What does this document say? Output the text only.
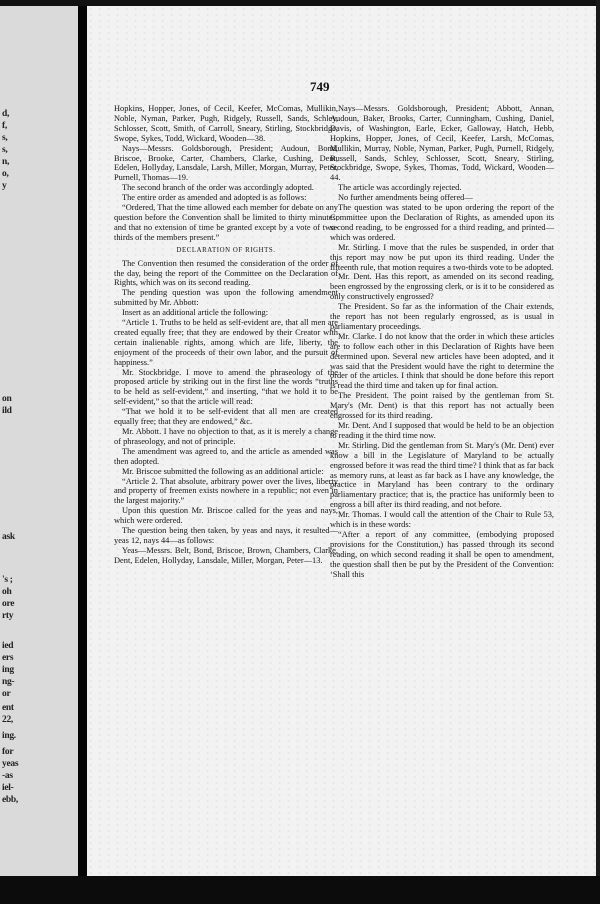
d,
f,
s,
s,
n,
o,
y
on
ild
ask
's ;
oh
ore
rty
ied
ers
ing
ng-
or
ent
22,
ing.
for
yeas
-as
iel-
ebb,
749

Hopkins, Hopper, Jones, of Cecil, Keefer, McComas, Mullikin, Noble, Nyman, Parker, Pugh, Ridgely, Russell, Sands, Schley, Schlosser, Scott, Smith, of Carroll, Sneary, Stirling, Stockbridge, Swope, Sykes, Todd, Wickard, Wooden—38.

Nays—Messrs. Goldsborough, President; Audoun, Bond, Briscoe, Brooke, Carter, Chambers, Clarke, Cushing, Dent, Edelen, Hollyday, Lansdale, Larsh, Miller, Morgan, Murray, Peter, Purnell, Thomas—19.

The second branch of the order was accordingly adopted.

The entire order as amended and adopted is as follows:

“Ordered, That the time allowed each member for debate on any question before the Convention shall be limited to thirty minutes; and that no extension of time be granted except by a vote of two-thirds of the members present.”

DECLARATION OF RIGHTS.

The Convention then resumed the consideration of the order of the day, being the report of the Committee on the Declaration of Rights, which was on its second reading.

The pending question was upon the following amendment submitted by Mr. Abbott:

Insert as an additional article the following:

“Article 1. Truths to be held as self-evident are, that all men are created equally free; that they are endowed by their Creator with certain inalienable rights, among which are life, liberty, the enjoyment of the proceeds of their own labor, and the pursuit of happiness.”

Mr. Stockbridge. I move to amend the phraseology of the proposed article by striking out in the first line the words “truths to be held as self-evident,” and inserting, “that we hold it to be self-evident,” so that the article will read:

“That we hold it to be self-evident that all men are created equally free; that they are endowed,” &c.

Mr. Abbott. I have no objection to that, as it is merely a change of phraseology, and not of principle.

The amendment was agreed to, and the article as amended was then adopted.

Mr. Briscoe submitted the following as an additional article:

“Article 2. That absolute, arbitrary power over the lives, liberty and property of freemen exists nowhere in a republic; not even in the largest majority.”

Upon this question Mr. Briscoe called for the yeas and nays, which were ordered.

The question being then taken, by yeas and nays, it resulted—yeas 12, nays 44—as follows:

Yeas—Messrs. Belt, Bond, Briscoe, Brown, Chambers, Clarke, Dent, Edelen, Hollyday, Lansdale, Miller, Morgan, Peter—13.

Nays—Messrs. Goldsborough, President; Abbott, Annan, Audoun, Baker, Brooks, Carter, Cunningham, Cushing, Daniel, Davis, of Washington, Earle, Ecker, Galloway, Hatch, Hebb, Hopkins, Hopper, Jones, of Cecil, Keefer, Larsh, McComas, Mullikin, Murray, Noble, Nyman, Parker, Pugh, Purnell, Ridgely, Russell, Sands, Schley, Schlosser, Scott, Sneary, Stirling, Stockbridge, Swope, Sykes, Thomas, Todd, Wickard, Wooden—44.

The article was accordingly rejected.

No further amendments being offered—

The question was stated to be upon ordering the report of the Committee upon the Declaration of Rights, as amended upon its second reading, to be engrossed for a third reading, and printed—which was ordered.

Mr. Stirling. I move that the rules be suspended, in order that this report may now be put upon its third reading. Under the fifteenth rule, that motion requires a two-thirds vote to be adopted.

Mr. Dent. Has this report, as amended on its second reading, been engrossed by the engrossing clerk, or is it to be considered as only constructively engrossed?

The President. So far as the information of the Chair extends, the report has not been regularly engrossed, as is usual in parliamentary proceedings.

Mr. Clarke. I do not know that the order in which these articles are to follow each other in this Declaration of Rights have been determined upon. Several new articles have been adopted, and it was said that the President would have the right to determine the order of the articles. I think that should be done before this report is read the third time and taken up for final action.

The President. The point raised by the gentleman from St. Mary's (Mr. Dent) is that this report has not actually been engrossed for its third reading.

Mr. Dent. And I supposed that would be held to be an objection to reading it the third time now.

Mr. Stirling. Did the gentleman from St. Mary's (Mr. Dent) ever know a bill in the Legislature of Maryland to be actually engrossed before it was read the third time? I think that as far back as memory runs, at least as far back as I have any knowledge, the practice in Maryland has been contrary to the ordinary parliamentary practice; that is, the practice has uniformly been to engross a bill after its third reading, and not before.

Mr. Thomas. I would call the attention of the Chair to Rule 53, which is in these words:

“After a report of any committee, (embodying proposed provisions for the Constitution,) has passed through its second reading, on which second reading it shall be open to amendment, the question shall then be put by the President of the Convention: ‘Shall this
